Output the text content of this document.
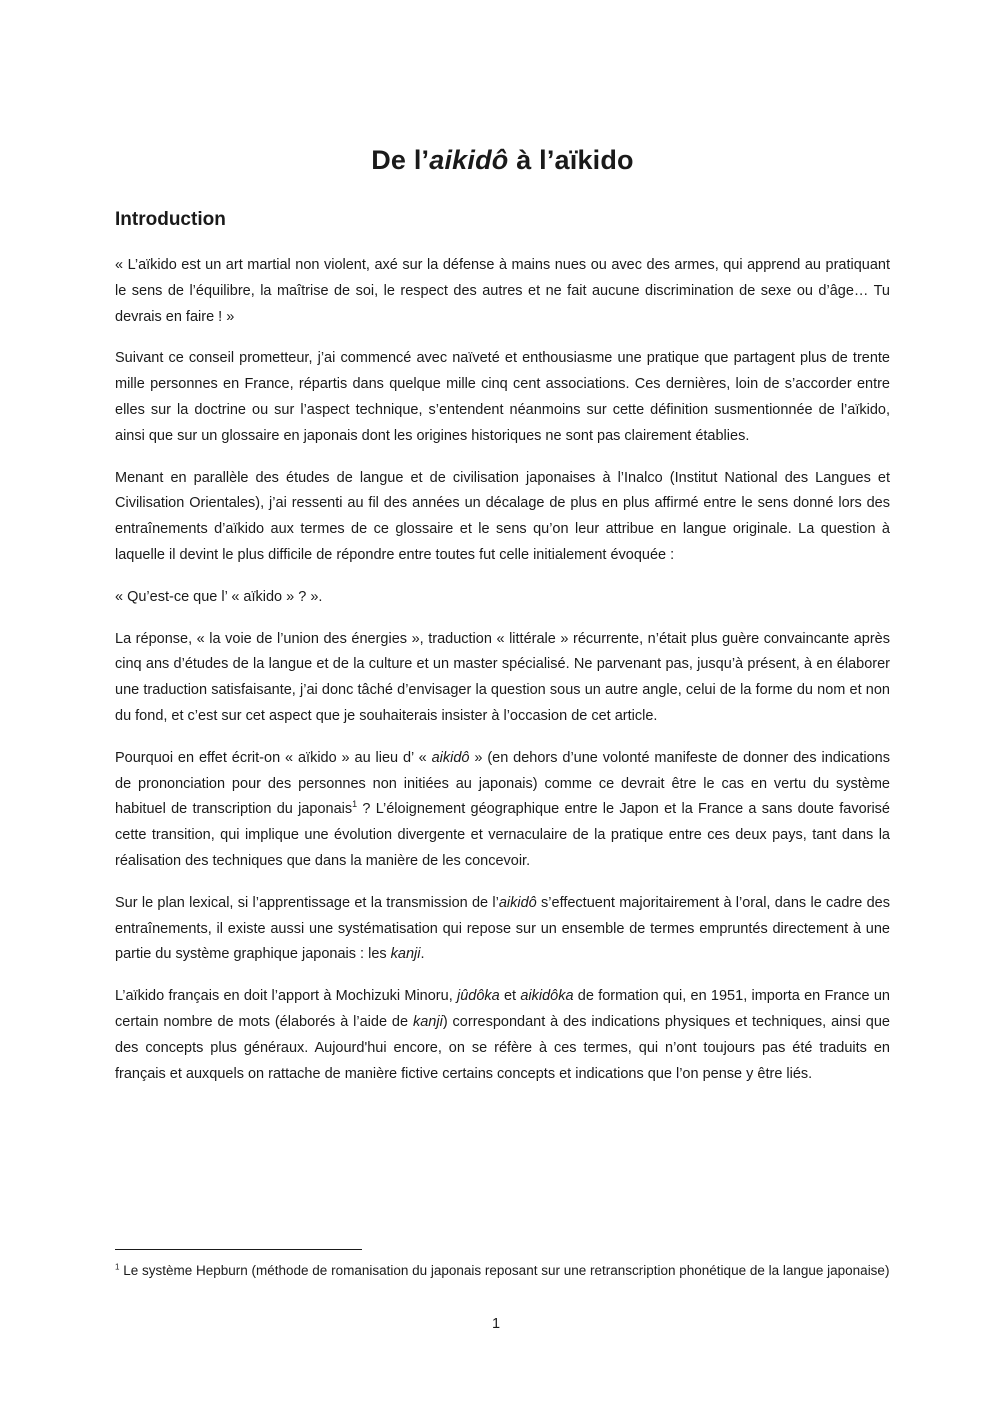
De l’aikidô à l’aïkido
Introduction

« L’aïkido est un art martial non violent, axé sur la défense à mains nues ou avec des armes, qui apprend au pratiquant le sens de l’équilibre, la maîtrise de soi, le respect des autres et ne fait aucune discrimination de sexe ou d’âge… Tu devrais en faire ! »

Suivant ce conseil prometteur, j’ai commencé avec naïveté et enthousiasme une pratique que partagent plus de trente mille personnes en France, répartis dans quelque mille cinq cent associations. Ces dernières, loin de s’accorder entre elles sur la doctrine ou sur l’aspect technique, s’entendent néanmoins sur cette définition susmentionnée de l’aïkido, ainsi que sur un glossaire en japonais dont les origines historiques ne sont pas clairement établies.

Menant en parallèle des études de langue et de civilisation japonaises à l’Inalco (Institut National des Langues et Civilisation Orientales), j’ai ressenti au fil des années un décalage de plus en plus affirmé entre le sens donné lors des entraînements d’aïkido aux termes de ce glossaire et le sens qu’on leur attribue en langue originale. La question à laquelle il devint le plus difficile de répondre entre toutes fut celle initialement évoquée :

« Qu’est-ce que l’ « aïkido » ? ».

La réponse, « la voie de l’union des énergies », traduction « littérale » récurrente, n’était plus guère convaincante après cinq ans d’études de la langue et de la culture et un master spécialisé. Ne parvenant pas, jusqu’à présent, à en élaborer une traduction satisfaisante, j’ai donc tâché d’envisager la question sous un autre angle, celui de la forme du nom et non du fond, et c’est sur cet aspect que je souhaiterais insister à l’occasion de cet article.

Pourquoi en effet écrit-on « aïkido » au lieu d’ « aikidô » (en dehors d’une volonté manifeste de donner des indications de prononciation pour des personnes non initiées au japonais) comme ce devrait être le cas en vertu du système habituel de transcription du japonais$^1$ ? L’éloignement géographique entre le Japon et la France a sans doute favorisé cette transition, qui implique une évolution divergente et vernaculaire de la pratique entre ces deux pays, tant dans la réalisation des techniques que dans la manière de les concevoir.

Sur le plan lexical, si l’apprentissage et la transmission de l’aikidô s’effectuent majoritairement à l’oral, dans le cadre des entraînements, il existe aussi une systématisation qui repose sur un ensemble de termes empruntés directement à une partie du système graphique japonais : les kanji.

L’aïkido français en doit l’apport à Mochizuki Minoru, jûdôka et aikidôka de formation qui, en 1951, importa en France un certain nombre de mots (élaborés à l’aide de kanji) correspondant à des indications physiques et techniques, ainsi que des concepts plus généraux. Aujourd'hui encore, on se réfère à ces termes, qui n’ont toujours pas été traduits en français et auxquels on rattache de manière fictive certains concepts et indications que l’on pense y être liés.

$^1$ Le système Hepburn (méthode de romanisation du japonais reposant sur une retranscription phonétique de la langue japonaise)

1
